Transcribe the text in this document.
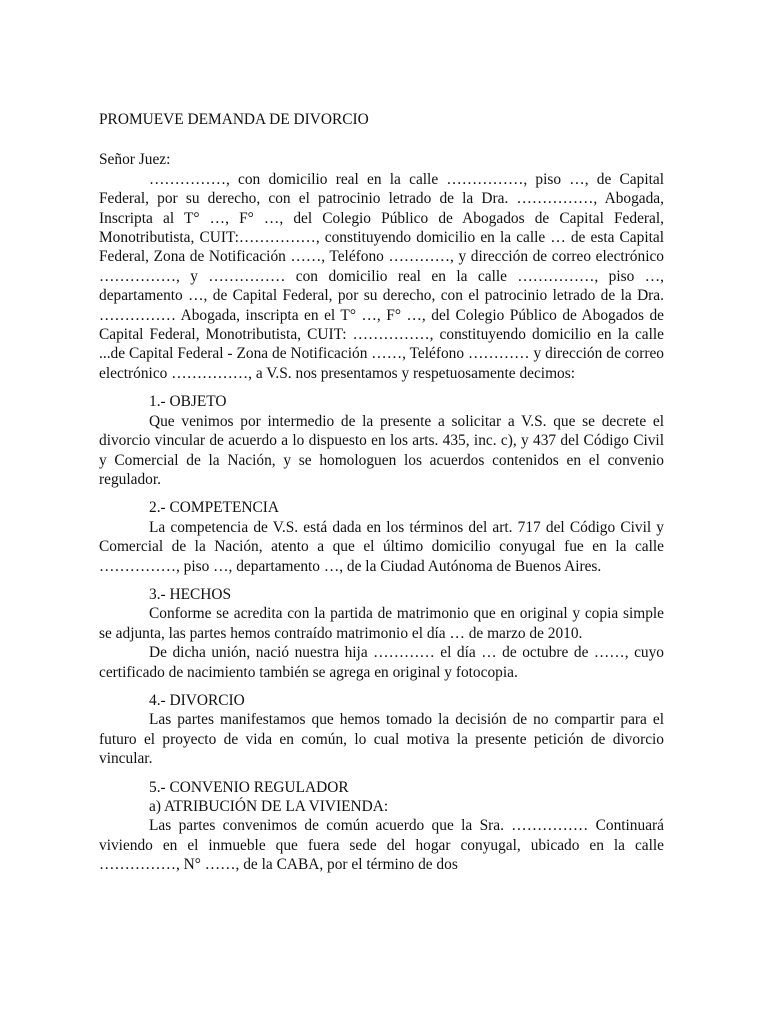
PROMUEVE DEMANDA DE DIVORCIO
Señor Juez:

……………, con domicilio real en la calle ……………, piso …, de Capital Federal, por su derecho, con el patrocinio letrado de la Dra. ……………, Abogada, Inscripta al T° …, F° …, del Colegio Público de Abogados de Capital Federal, Monotributista, CUIT:……………, constituyendo domicilio en la calle … de esta Capital Federal, Zona de Notificación ……, Teléfono …………, y dirección de correo electrónico ……………, y …………… con domicilio real en la calle ……………, piso …, departamento …, de Capital Federal, por su derecho, con el patrocinio letrado de la Dra. …………… Abogada, inscripta en el T° …, F° …, del Colegio Público de Abogados de Capital Federal, Monotributista, CUIT: ……………, constituyendo domicilio en la calle ...de Capital Federal - Zona de Notificación ……, Teléfono ………… y dirección de correo electrónico ……………, a V.S. nos presentamos y respetuosamente decimos:

1.- OBJETO

Que venimos por intermedio de la presente a solicitar a V.S. que se decrete el divorcio vincular de acuerdo a lo dispuesto en los arts. 435, inc. c), y 437 del Código Civil y Comercial de la Nación, y se homologuen los acuerdos contenidos en el convenio regulador.

2.- COMPETENCIA

La competencia de V.S. está dada en los términos del art. 717 del Código Civil y Comercial de la Nación, atento a que el último domicilio conyugal fue en la calle ……………, piso …, departamento …, de la Ciudad Autónoma de Buenos Aires.

3.- HECHOS

Conforme se acredita con la partida de matrimonio que en original y copia simple se adjunta, las partes hemos contraído matrimonio el día … de marzo de 2010.

De dicha unión, nació nuestra hija ………… el día … de octubre de ……, cuyo certificado de nacimiento también se agrega en original y fotocopia.

4.- DIVORCIO

Las partes manifestamos que hemos tomado la decisión de no compartir para el futuro el proyecto de vida en común, lo cual motiva la presente petición de divorcio vincular.

5.- CONVENIO REGULADOR
a) ATRIBUCIÓN DE LA VIVIENDA:

Las partes convenimos de común acuerdo que la Sra. …………… Continuará viviendo en el inmueble que fuera sede del hogar conyugal, ubicado en la calle ……………, N° ……, de la CABA, por el término de dos
